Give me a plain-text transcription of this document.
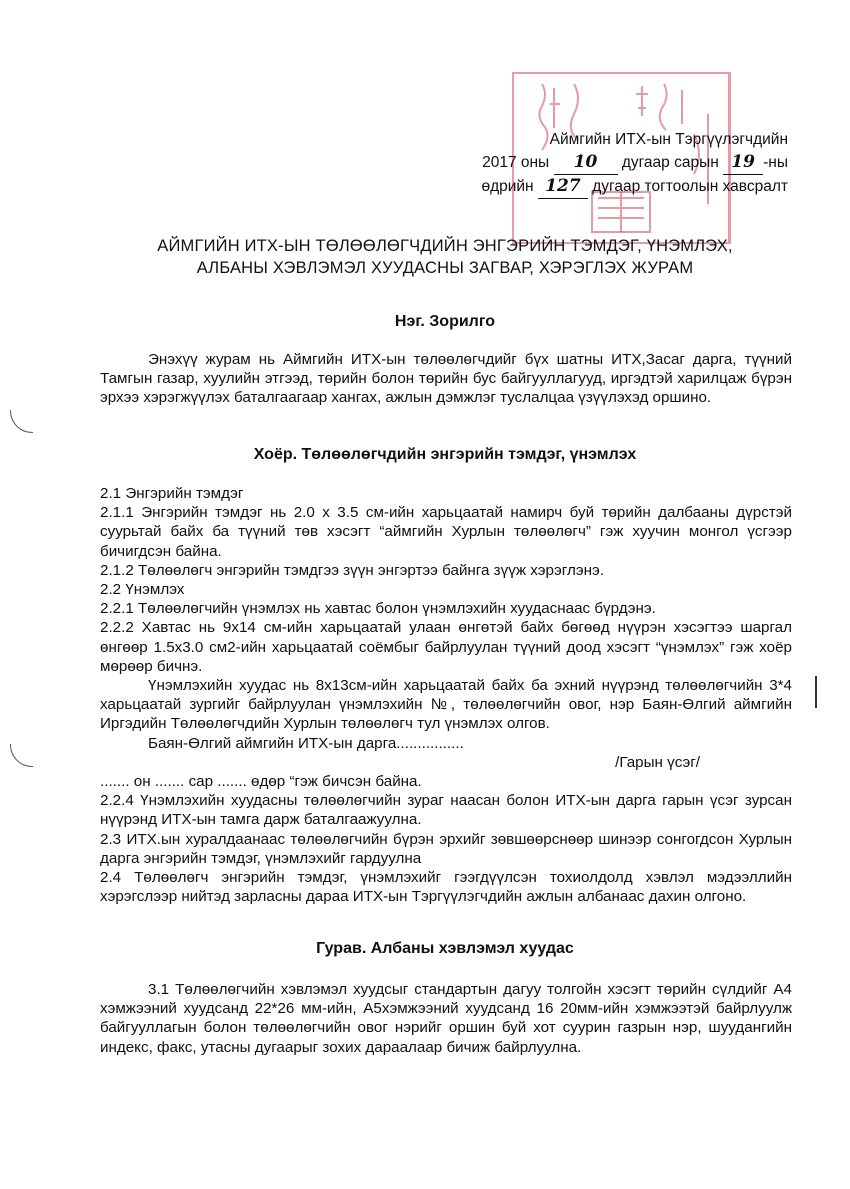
Аймгийн ИТХ-ын Тэргүүлэгчдийн
2017 оны 10 дугаар сарын 19 -ны
өдрийн 127 дугаар тогтоолын хавсралт
АЙМГИЙН ИТХ-ЫН ТӨЛӨӨЛӨГЧДИЙН ЭНГЭРИЙН ТЭМДЭГ, ҮНЭМЛЭХ,
АЛБАНЫ ХЭВЛЭМЭЛ ХУУДАСНЫ ЗАГВАР, ХЭРЭГЛЭХ ЖУРАМ
Нэг. Зорилго

Энэхүү журам нь Аймгийн ИТХ-ын төлөөлөгчдийг бүх шатны ИТХ,Засаг дарга, түүний Тамгын газар, хуулийн этгээд, төрийн болон төрийн бус байгууллагууд, иргэдтэй харилцаж бүрэн эрхээ хэрэгжүүлэх баталгаагаар хангах, ажлын дэмжлэг туслалцаа үзүүлэхэд оршино.

Хоёр. Төлөөлөгчдийн энгэрийн тэмдэг, үнэмлэх

2.1 Энгэрийн тэмдэг

2.1.1 Энгэрийн тэмдэг нь 2.0 х 3.5 см-ийн харьцаатай намирч буй төрийн далбааны дүрстэй суурьтай байх ба түүний төв хэсэгт “аймгийн Хурлын төлөөлөгч” гэж хуучин монгол үсгээр бичигдсэн байна.

2.1.2 Төлөөлөгч энгэрийн тэмдгээ зүүн энгэртээ байнга зүүж хэрэглэнэ.

2.2 Үнэмлэх

2.2.1 Төлөөлөгчийн үнэмлэх нь хавтас болон үнэмлэхийн хуудаснаас бүрдэнэ.

2.2.2 Хавтас нь 9х14 см-ийн харьцаатай улаан өнгөтэй байх бөгөөд нүүрэн хэсэгтээ шаргал өнгөөр 1.5х3.0 см2-ийн харьцаатай соёмбыг байрлуулан түүний доод хэсэгт “үнэмлэх” гэж хоёр мөрөөр бичнэ.

Үнэмлэхийн хуудас нь 8х13см-ийн харьцаатай байх ба эхний нүүрэнд төлөөлөгчийн 3*4 харьцаатай зургийг байрлуулан үнэмлэхийн №, төлөөлөгчийн овог, нэр Баян-Өлгий аймгийн Иргэдийн Төлөөлөгчдийн Хурлын төлөөлөгч тул үнэмлэх олгов.

Баян-Өлгий аймгийн ИТХ-ын дарга................

/Гарын үсэг/

....... он ....... сар ....... өдөр “гэж бичсэн байна.

2.2.4 Үнэмлэхийн хуудасны төлөөлөгчийн зураг наасан болон ИТХ-ын дарга гарын үсэг зурсан нүүрэнд ИТХ-ын тамга дарж баталгаажуулна.

2.3 ИТХ.ын хуралдаанаас төлөөлөгчийн бүрэн эрхийг зөвшөөрснөөр шинээр сонгогдсон Хурлын дарга энгэрийн тэмдэг, үнэмлэхийг гардуулна

2.4 Төлөөлөгч энгэрийн тэмдэг, үнэмлэхийг гээгдүүлсэн тохиолдолд хэвлэл мэдээллийн хэрэгслээр нийтэд зарласны дараа ИТХ-ын Тэргүүлэгчдийн ажлын албанаас дахин олгоно.

Гурав. Албаны хэвлэмэл хуудас

3.1 Төлөөлөгчийн хэвлэмэл хуудсыг стандартын дагуу толгойн хэсэгт төрийн сүлдийг А4 хэмжээний хуудсанд 22*26 мм-ийн, А5хэмжээний хуудсанд 16 20мм-ийн хэмжээтэй байрлуулж байгууллагын болон төлөөлөгчийн овог нэрийг оршин буй хот суурин газрын нэр, шуудангийн индекс, факс, утасны дугаарыг зохих дараалаар бичиж байрлуулна.
